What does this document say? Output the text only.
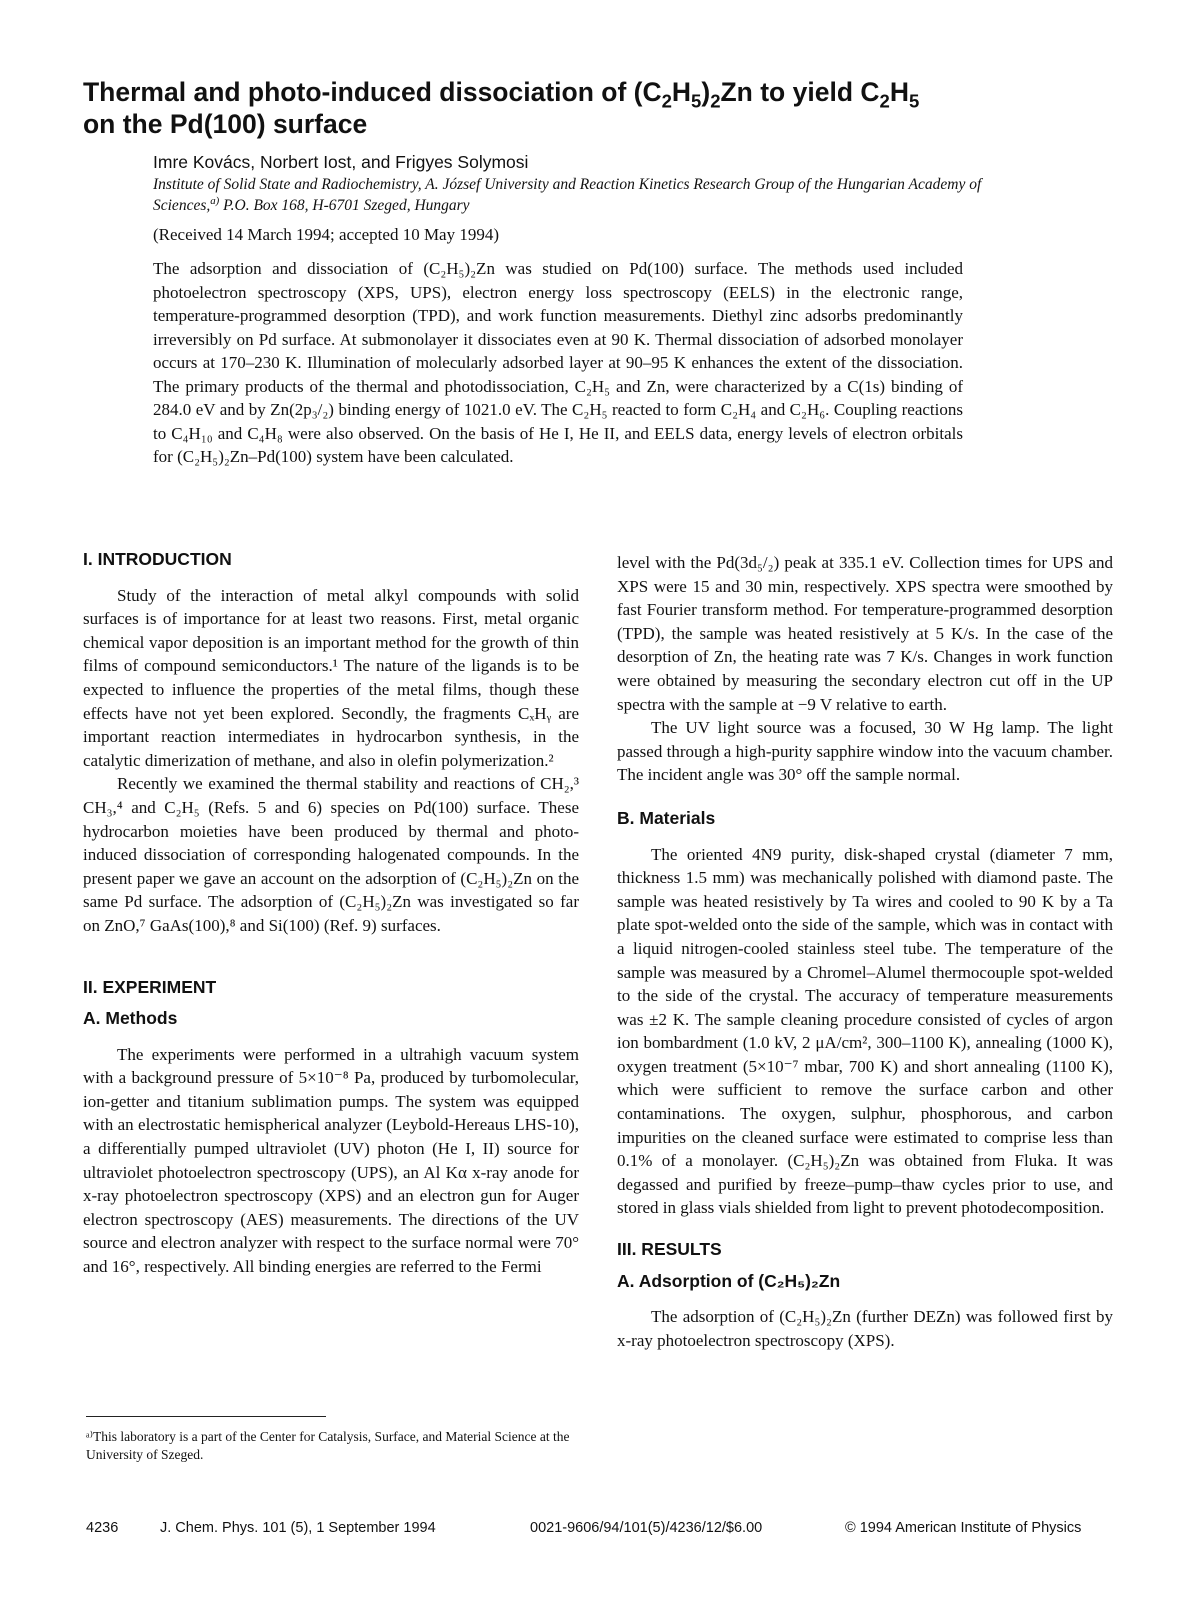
Thermal and photo-induced dissociation of $(C_2H_5)_2Zn$ to yield $C_2H_5$
on the Pd(100) surface
Imre Kovács, Norbert Iost, and Frigyes Solymosi
Institute of Solid State and Radiochemistry, A. József University and Reaction Kinetics Research Group of the Hungarian Academy of Sciences,$^{a)}$ P.O. Box 168, H-6701 Szeged, Hungary
(Received 14 March 1994; accepted 10 May 1994)

The adsorption and dissociation of (C₂H₅)₂Zn was studied on Pd(100) surface. The methods used included photoelectron spectroscopy (XPS, UPS), electron energy loss spectroscopy (EELS) in the electronic range, temperature-programmed desorption (TPD), and work function measurements. Diethyl zinc adsorbs predominantly irreversibly on Pd surface. At submonolayer it dissociates even at 90 K. Thermal dissociation of adsorbed monolayer occurs at 170–230 K. Illumination of molecularly adsorbed layer at 90–95 K enhances the extent of the dissociation. The primary products of the thermal and photodissociation, C₂H₅ and Zn, were characterized by a C(1s) binding of 284.0 eV and by Zn(2p₃/₂) binding energy of 1021.0 eV. The C₂H₅ reacted to form C₂H₄ and C₂H₆. Coupling reactions to C₄H₁₀ and C₄H₈ were also observed. On the basis of He I, He II, and EELS data, energy levels of electron orbitals for (C₂H₅)₂Zn–Pd(100) system have been calculated.

I. INTRODUCTION

Study of the interaction of metal alkyl compounds with solid surfaces is of importance for at least two reasons. First, metal organic chemical vapor deposition is an important method for the growth of thin films of compound semiconductors.¹ The nature of the ligands is to be expected to influence the properties of the metal films, though these effects have not yet been explored. Secondly, the fragments CₓHᵧ are important reaction intermediates in hydrocarbon synthesis, in the catalytic dimerization of methane, and also in olefin polymerization.²

Recently we examined the thermal stability and reactions of CH₂,³ CH₃,⁴ and C₂H₅ (Refs. 5 and 6) species on Pd(100) surface. These hydrocarbon moieties have been produced by thermal and photo-induced dissociation of corresponding halogenated compounds. In the present paper we gave an account on the adsorption of (C₂H₅)₂Zn on the same Pd surface. The adsorption of (C₂H₅)₂Zn was investigated so far on ZnO,⁷ GaAs(100),⁸ and Si(100) (Ref. 9) surfaces.

II. EXPERIMENT
A. Methods

The experiments were performed in a ultrahigh vacuum system with a background pressure of 5×10⁻⁸ Pa, produced by turbomolecular, ion-getter and titanium sublimation pumps. The system was equipped with an electrostatic hemispherical analyzer (Leybold-Hereaus LHS-10), a differentially pumped ultraviolet (UV) photon (He I, II) source for ultraviolet photoelectron spectroscopy (UPS), an Al Kα x-ray anode for x-ray photoelectron spectroscopy (XPS) and an electron gun for Auger electron spectroscopy (AES) measurements. The directions of the UV source and electron analyzer with respect to the surface normal were 70° and 16°, respectively. All binding energies are referred to the Fermi

level with the Pd(3d₅/₂) peak at 335.1 eV. Collection times for UPS and XPS were 15 and 30 min, respectively. XPS spectra were smoothed by fast Fourier transform method. For temperature-programmed desorption (TPD), the sample was heated resistively at 5 K/s. In the case of the desorption of Zn, the heating rate was 7 K/s. Changes in work function were obtained by measuring the secondary electron cut off in the UP spectra with the sample at −9 V relative to earth.

The UV light source was a focused, 30 W Hg lamp. The light passed through a high-purity sapphire window into the vacuum chamber. The incident angle was 30° off the sample normal.

B. Materials

The oriented 4N9 purity, disk-shaped crystal (diameter 7 mm, thickness 1.5 mm) was mechanically polished with diamond paste. The sample was heated resistively by Ta wires and cooled to 90 K by a Ta plate spot-welded onto the side of the sample, which was in contact with a liquid nitrogen-cooled stainless steel tube. The temperature of the sample was measured by a Chromel–Alumel thermocouple spot-welded to the side of the crystal. The accuracy of temperature measurements was ±2 K. The sample cleaning procedure consisted of cycles of argon ion bombardment (1.0 kV, 2 μA/cm², 300–1100 K), annealing (1000 K), oxygen treatment (5×10⁻⁷ mbar, 700 K) and short annealing (1100 K), which were sufficient to remove the surface carbon and other contaminations. The oxygen, sulphur, phosphorous, and carbon impurities on the cleaned surface were estimated to comprise less than 0.1% of a monolayer. (C₂H₅)₂Zn was obtained from Fluka. It was degassed and purified by freeze–pump–thaw cycles prior to use, and stored in glass vials shielded from light to prevent photodecomposition.

III. RESULTS
A. Adsorption of (C₂H₅)₂Zn

The adsorption of (C₂H₅)₂Zn (further DEZn) was followed first by x-ray photoelectron spectroscopy (XPS).

ᵃ⁾This laboratory is a part of the Center for Catalysis, Surface, and Material Science at the University of Szeged.
4236	J. Chem. Phys. 101 (5), 1 September 1994	0021-9606/94/101(5)/4236/12/$6.00	© 1994 American Institute of Physics
